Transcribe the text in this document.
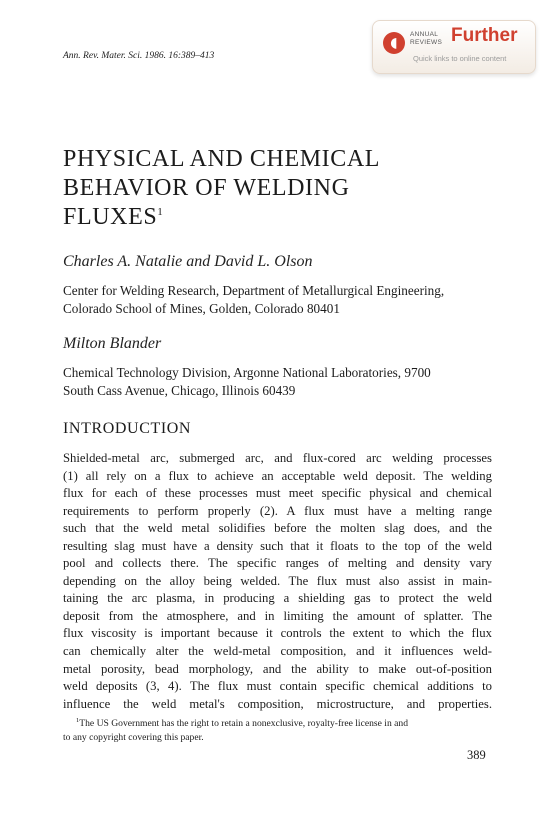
Ann. Rev. Mater. Sci. 1986. 16:389–413
◖
ANNUAL
REVIEWS Further
Quick links to online content
PHYSICAL AND CHEMICAL
BEHAVIOR OF WELDING
FLUXES$^1$
Charles A. Natalie and David L. Olson
Center for Welding Research, Department of Metallurgical Engineering,
Colorado School of Mines, Golden, Colorado 80401
Milton Blander
Chemical Technology Division, Argonne National Laboratories, 9700
South Cass Avenue, Chicago, Illinois 60439
INTRODUCTION
Shielded-metal arc, submerged arc, and flux-cored arc welding processes
(1) all rely on a flux to achieve an acceptable weld deposit. The welding
flux for each of these processes must meet specific physical and chemical
requirements to perform properly (2). A flux must have a melting range
such that the weld metal solidifies before the molten slag does, and the
resulting slag must have a density such that it floats to the top of the weld
pool and collects there. The specific ranges of melting and density vary
depending on the alloy being welded. The flux must also assist in main-
taining the arc plasma, in producing a shielding gas to protect the weld
deposit from the atmosphere, and in limiting the amount of splatter. The
flux viscosity is important because it controls the extent to which the flux
can chemically alter the weld-metal composition, and it influences weld-
metal porosity, bead morphology, and the ability to make out-of-position
weld deposits (3, 4). The flux must contain specific chemical additions to
influence the weld metal's composition, microstructure, and properties.
$^1$The US Government has the right to retain a nonexclusive, royalty-free license in and
to any copyright covering this paper.
389
